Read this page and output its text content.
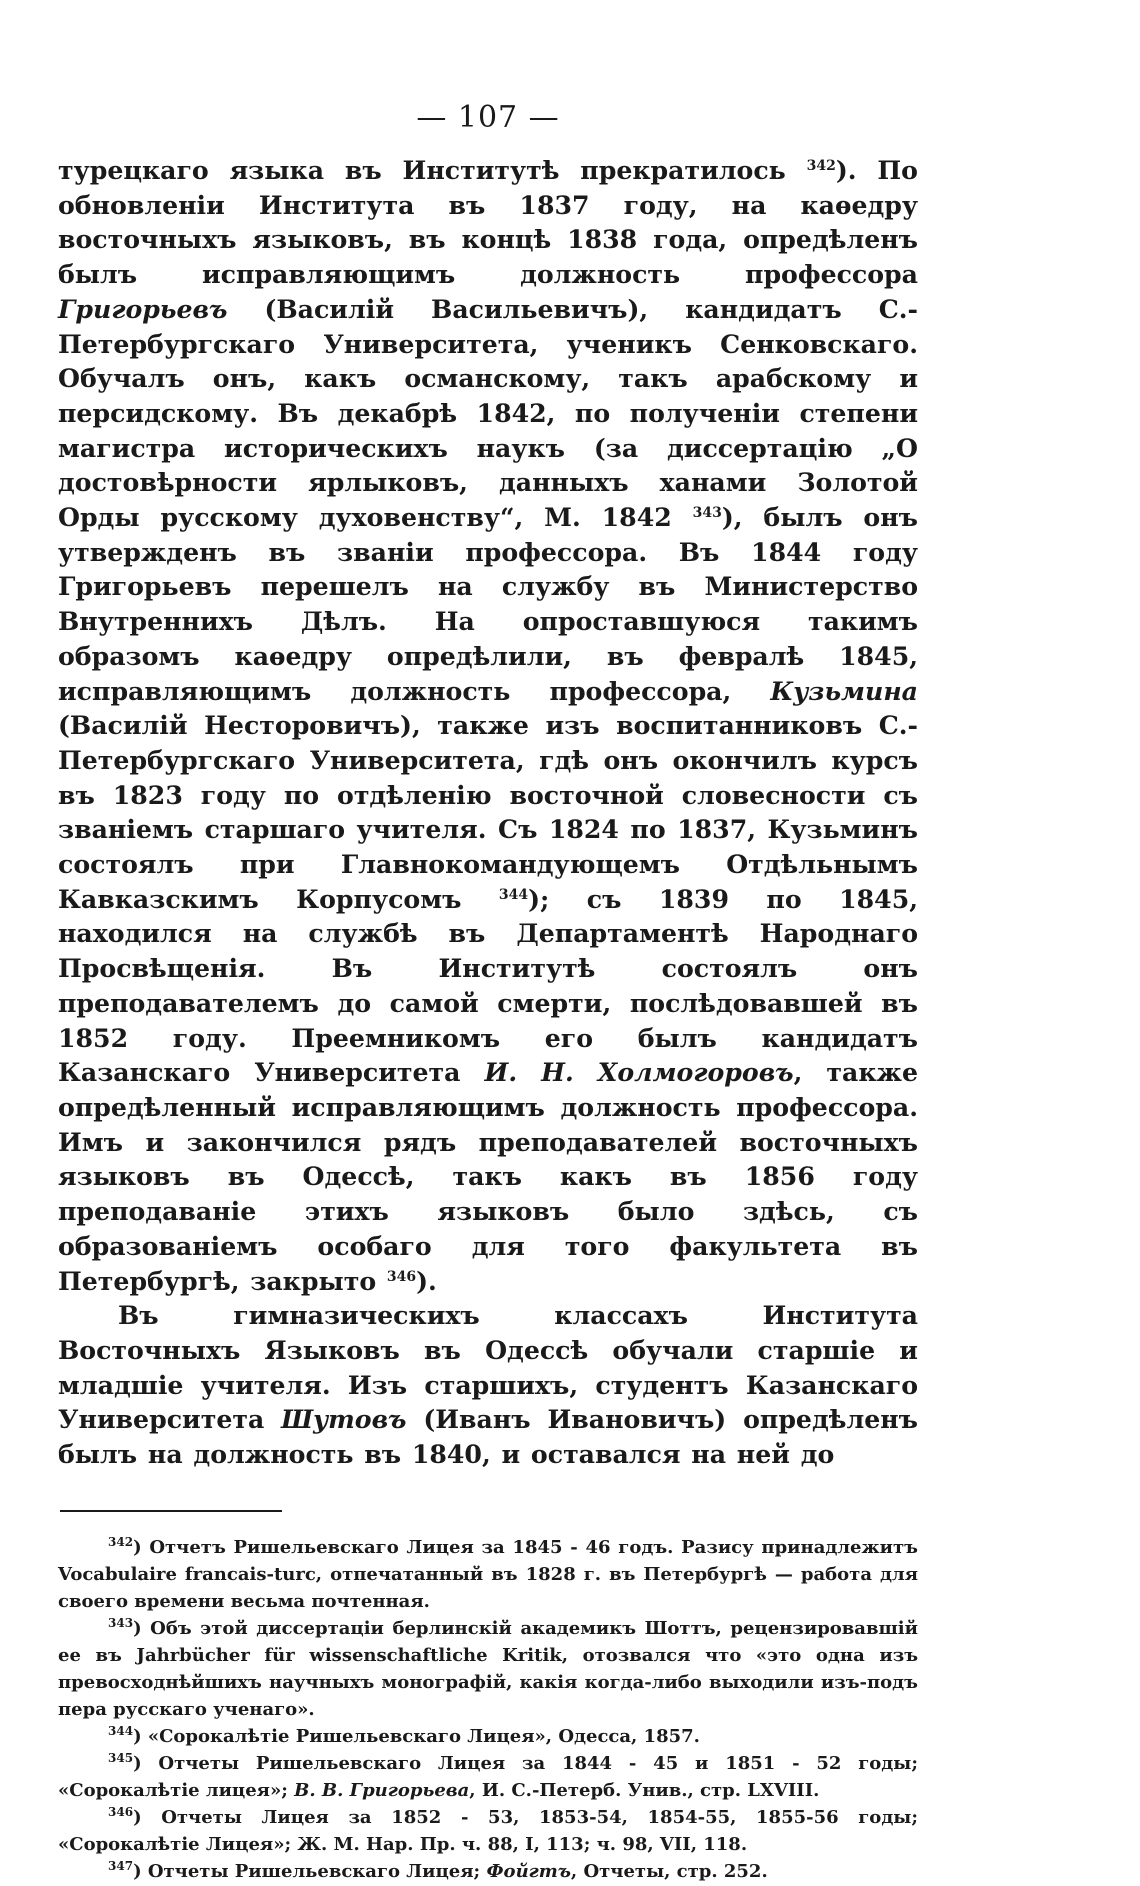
— 107 —

турецкаго языка въ Институтѣ прекратилось $^{342}$). По обновленіи Института въ 1837 году, на каѳедру восточныхъ языковъ, въ концѣ 1838 года, опредѣленъ былъ исправляющимъ должность профессора Григорьевъ (Василій Васильевичъ), кандидатъ С.-Петербургскаго Университета, ученикъ Сенковскаго. Обучалъ онъ, какъ османскому, такъ арабскому и персидскому. Въ декабрѣ 1842, по полученіи степени магистра историческихъ наукъ (за диссертацію „О достовѣрности ярлыковъ, данныхъ ханами Золотой Орды русскому духовенству“, М. 1842 $^{343}$), былъ онъ утвержденъ въ званіи профессора. Въ 1844 году Григорьевъ перешелъ на службу въ Министерство Внутреннихъ Дѣлъ. На опроставшуюся такимъ образомъ каѳедру опредѣлили, въ февралѣ 1845, исправляющимъ должность профессора, Кузьмина (Василій Несторовичъ), также изъ воспитанниковъ С.-Петербургскаго Университета, гдѣ онъ окончилъ курсъ въ 1823 году по отдѣленію восточной словесности съ званіемъ старшаго учителя. Съ 1824 по 1837, Кузьминъ состоялъ при Главнокомандующемъ Отдѣльнымъ Кавказскимъ Корпусомъ $^{344}$); съ 1839 по 1845, находился на службѣ въ Департаментѣ Народнаго Просвѣщенія. Въ Институтѣ состоялъ онъ преподавателемъ до самой смерти, послѣдовавшей въ 1852 году. Преемникомъ его былъ кандидатъ Казанскаго Университета И. Н. Холмогоровъ, также опредѣленный исправляющимъ должность профессора. Имъ и закончился рядъ преподавателей восточныхъ языковъ въ Одессѣ, такъ какъ въ 1856 году преподаваніе этихъ языковъ было здѣсь, съ образованіемъ особаго для того факультета въ Петербургѣ, закрыто $^{346}$).

Въ гимназическихъ классахъ Института Восточныхъ Языковъ въ Одессѣ обучали старшіе и младшіе учителя. Изъ старшихъ, студентъ Казанскаго Университета Шутовъ (Иванъ Ивановичъ) опредѣленъ былъ на должность въ 1840, и оставался на ней до

$^{342}$) Отчетъ Ришельевскаго Лицея за 1845 - 46 годъ. Разису принадлежитъ Vocabulaire francais-turc, отпечатанный въ 1828 г. въ Петербургѣ — работа для своего времени весьма почтенная.

$^{343}$) Объ этой диссертаціи берлинскій академикъ Шоттъ, рецензировавшій ее въ Jahrbücher für wissenschaftliche Kritik, отозвался что «это одна изъ превосходнѣйшихъ научныхъ монографій, какія когда-либо выходили изъ-подъ пера русскаго ученаго».

$^{344}$) «Сорокалѣтіе Ришельевскаго Лицея», Одесса, 1857.

$^{345}$) Отчеты Ришельевскаго Лицея за 1844 - 45 и 1851 - 52 годы; «Сорокалѣтіе лицея»; В. В. Григорьева, И. С.-Петерб. Унив., стр. LXVIII.

$^{346}$) Отчеты Лицея за 1852 - 53, 1853-54, 1854-55, 1855-56 годы; «Сорокалѣтіе Лицея»; Ж. М. Нар. Пр. ч. 88, I, 113; ч. 98, VII, 118.

$^{347}$) Отчеты Ришельевскаго Лицея; Фойгтъ, Отчеты, стр. 252.
